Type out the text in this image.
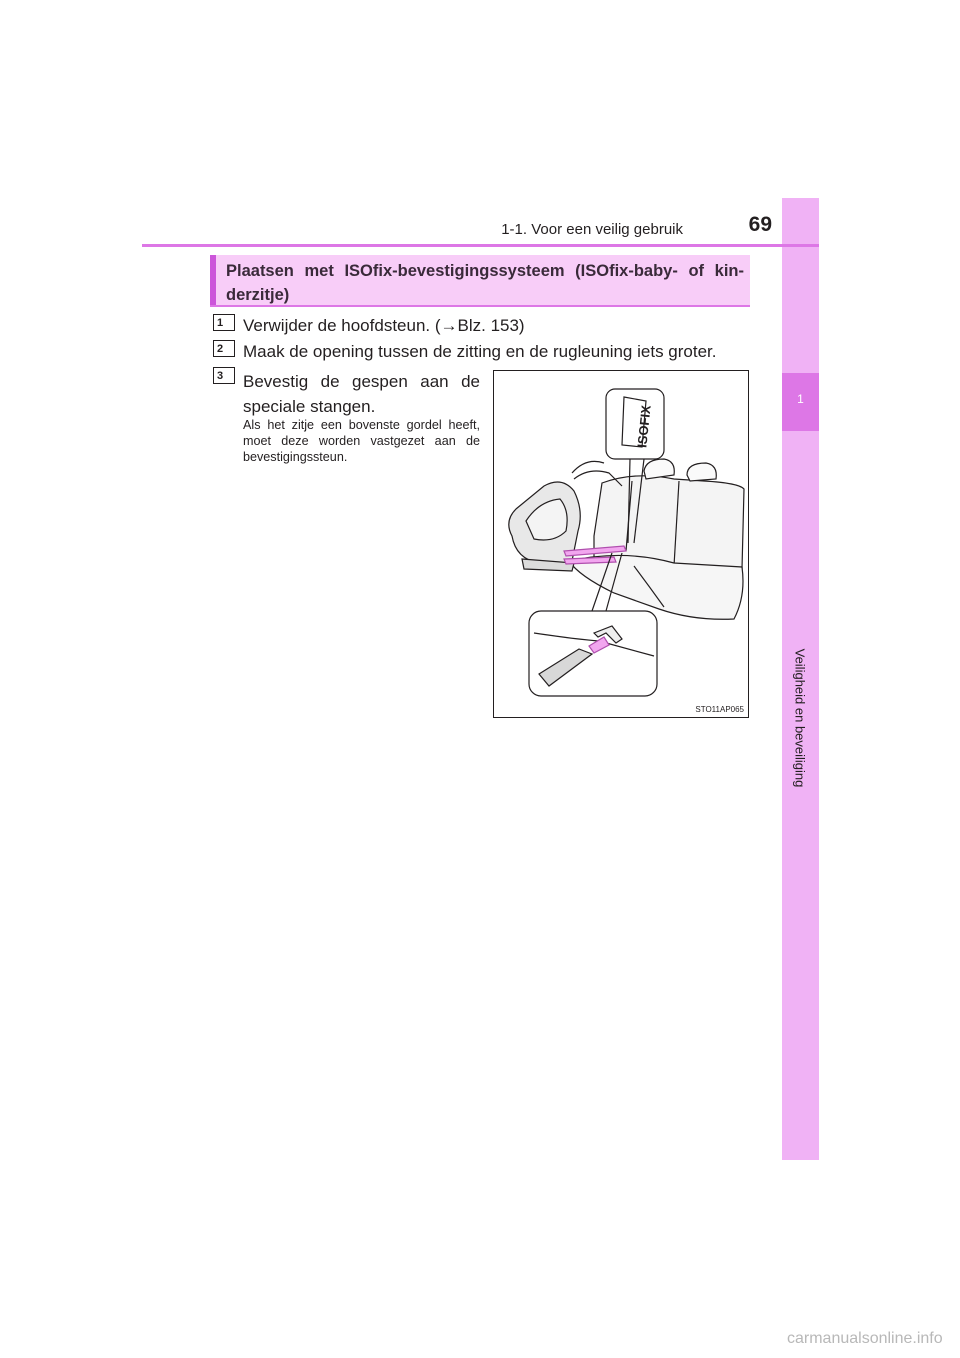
1
Veiligheid en beveiliging
1-1. Voor een veilig gebruik	69
Plaatsen met ISOfix-bevestigingssysteem (ISOfix-baby- of kin-derzitje)
1	Verwijder de hoofdsteun. (→Blz. 153)
2	Maak de opening tussen de zitting en de rugleuning iets groter.
3	Bevestig de gespen aan de speciale stangen.
Als het zitje een bovenste gordel heeft, moet deze worden vastgezet aan de bevestigingssteun.
ISOFIX
STO11AP065
carmanualsonline.info
